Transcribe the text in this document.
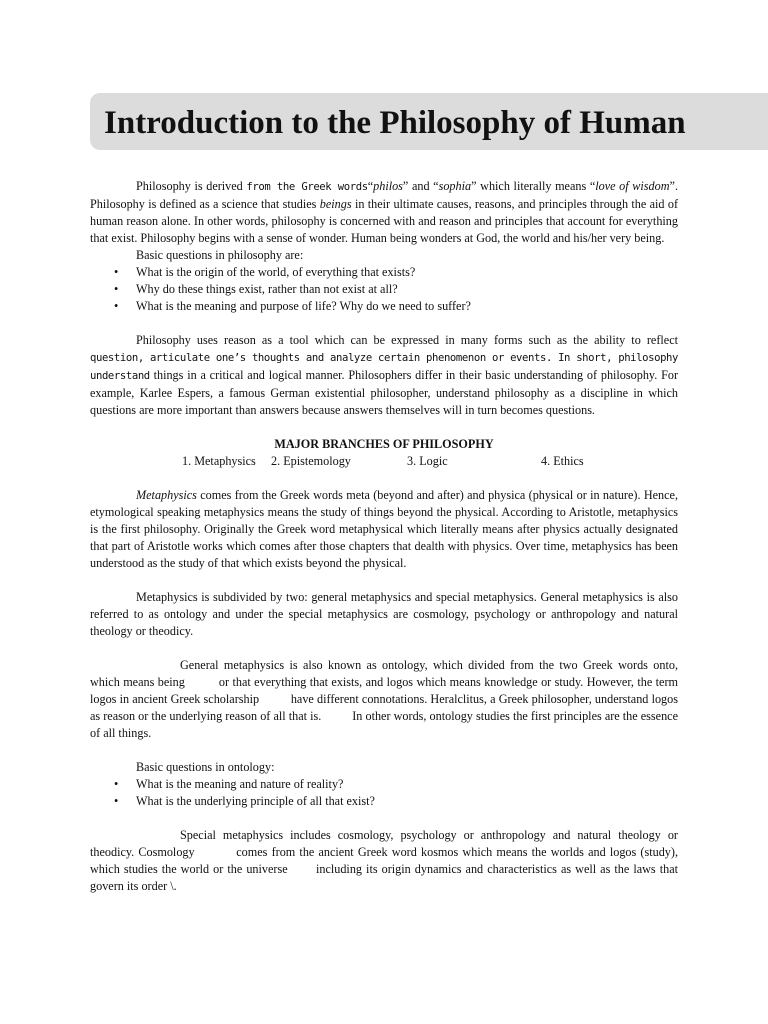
Introduction to the Philosophy of Human

Philosophy is derived from the Greek words“philos” and “sophia” which literally means “love of wisdom”. Philosophy is defined as a science that studies beings in their ultimate causes, reasons, and principles through the aid of human reason alone. In other words, philosophy is concerned with and reason and principles that account for everything that exist. Philosophy begins with a sense of wonder. Human being wonders at God, the world and his/her very being.

Basic questions in philosophy are:

• What is the origin of the world, of everything that exists?
• Why do these things exist, rather than not exist at all?
• What is the meaning and purpose of life? Why do we need to suffer?

Philosophy uses reason as a tool which can be expressed in many forms such as the ability to reflect question, articulate one’s thoughts and analyze certain phenomenon or events. In short, philosophy understand things in a critical and logical manner. Philosophers differ in their basic understanding of philosophy. For example, Karlee Espers, a famous German existential philosopher, understand philosophy as a discipline in which questions are more important than answers because answers themselves will in turn becomes questions.

MAJOR BRANCHES OF PHILOSOPHY

1. Metaphysics 2. Epistemology	3. Logic	4. Ethics

Metaphysics comes from the Greek words meta (beyond and after) and physica (physical or in nature). Hence, etymological speaking metaphysics means the study of things beyond the physical. According to Aristotle, metaphysics is the first philosophy. Originally the Greek word metaphysical which literally means after physics actually designated that part of Aristotle works which comes after those chapters that dealth with physics. Over time, metaphysics has been understood as the study of that which exists beyond the physical.

Metaphysics is subdivided by two: general metaphysics and special metaphysics. General metaphysics is also referred to as ontology and under the special metaphysics are cosmology, psychology or anthropology and natural theology or theodicy.

General metaphysics is also known as ontology, which divided from the two Greek words onto, which means being          or that everything that exists, and logos which means knowledge or study. However, the term logos in ancient Greek scholarship          have different connotations. Heralclitus, a Greek philosopher, understand logos as reason or the underlying reason of all that is.          In other words, ontology studies the first principles are the essence of all things.

Basic questions in ontology:

• What is the meaning and nature of reality?
• What is the underlying principle of all that exist?

Special metaphysics includes cosmology, psychology or anthropology and natural theology or theodicy. Cosmology          comes from the ancient Greek word kosmos which means the worlds and logos (study), which studies the world or the universe       including its origin dynamics and characteristics as well as the laws that govern its order \.
